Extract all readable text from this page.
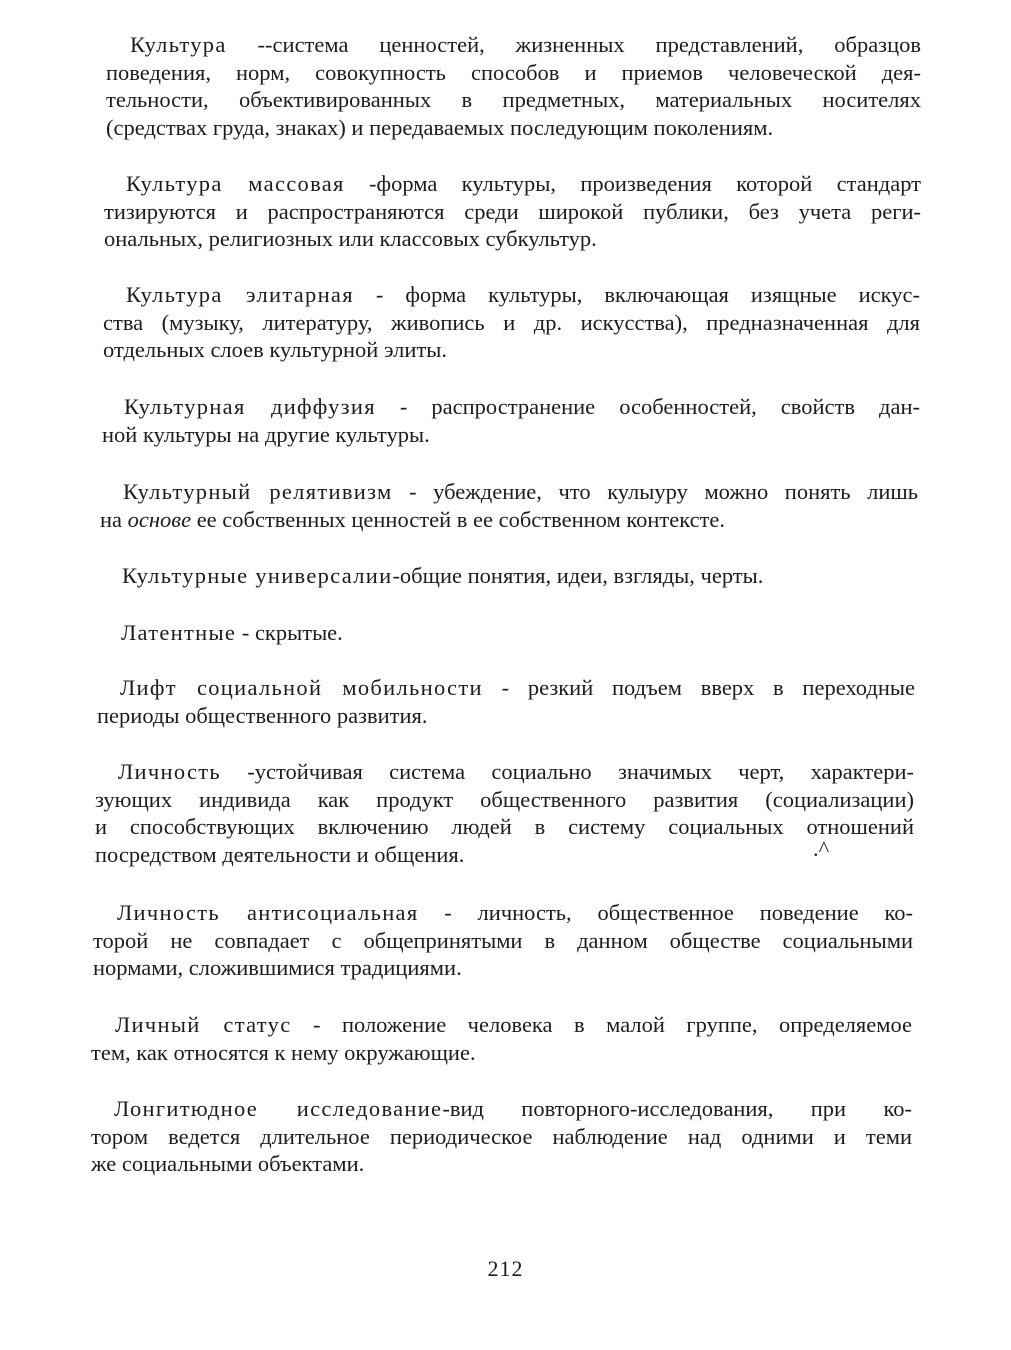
Культура --система ценностей, жизненных представлений, образцов
поведения, норм, совокупность способов и приемов человеческой дея-
тельности, объективированных в предметных, материальных носителях
(средствах груда, знаках) и передаваемых последующим поколениям.
Культура массовая -форма культуры, произведения которой стандарт
тизируются и распространяются среди широкой публики, без учета реги-
ональных, религиозных или классовых субкультур.
Культура элитарная - форма культуры, включающая изящные искус-
ства (музыку, литературу, живопись и др. искусства), предназначенная для
отдельных слоев культурной элиты.
Культурная диффузия - распространение особенностей, свойств дан-
ной культуры на другие культуры.
Культурный релятивизм - убеждение, что кулыуру можно понять лишь
на основе ее собственных ценностей в ее собственном контексте.
Культурные универсалии-общие понятия, идеи, взгляды, черты.
Латентные - скрытые.
Лифт социальной мобильности - резкий подъем вверх в переходные
периоды общественного развития.
Личность -устойчивая система социально значимых черт, характери-
зующих индивида как продукт общественного развития (социализации)
и способствующих включению людей в систему социальных отношений
посредством деятельности и общения.	.^
Личность антисоциальная - личность, общественное поведение ко-
торой не совпадает с общепринятыми в данном обществе социальными
нормами, сложившимися традициями.
Личный статус - положение человека в малой группе, определяемое
тем, как относятся к нему окружающие.
Лонгитюдное исследование-вид повторного-исследования, при ко-
тором ведется длительное периодическое наблюдение над одними и теми
же социальными объектами.
212
